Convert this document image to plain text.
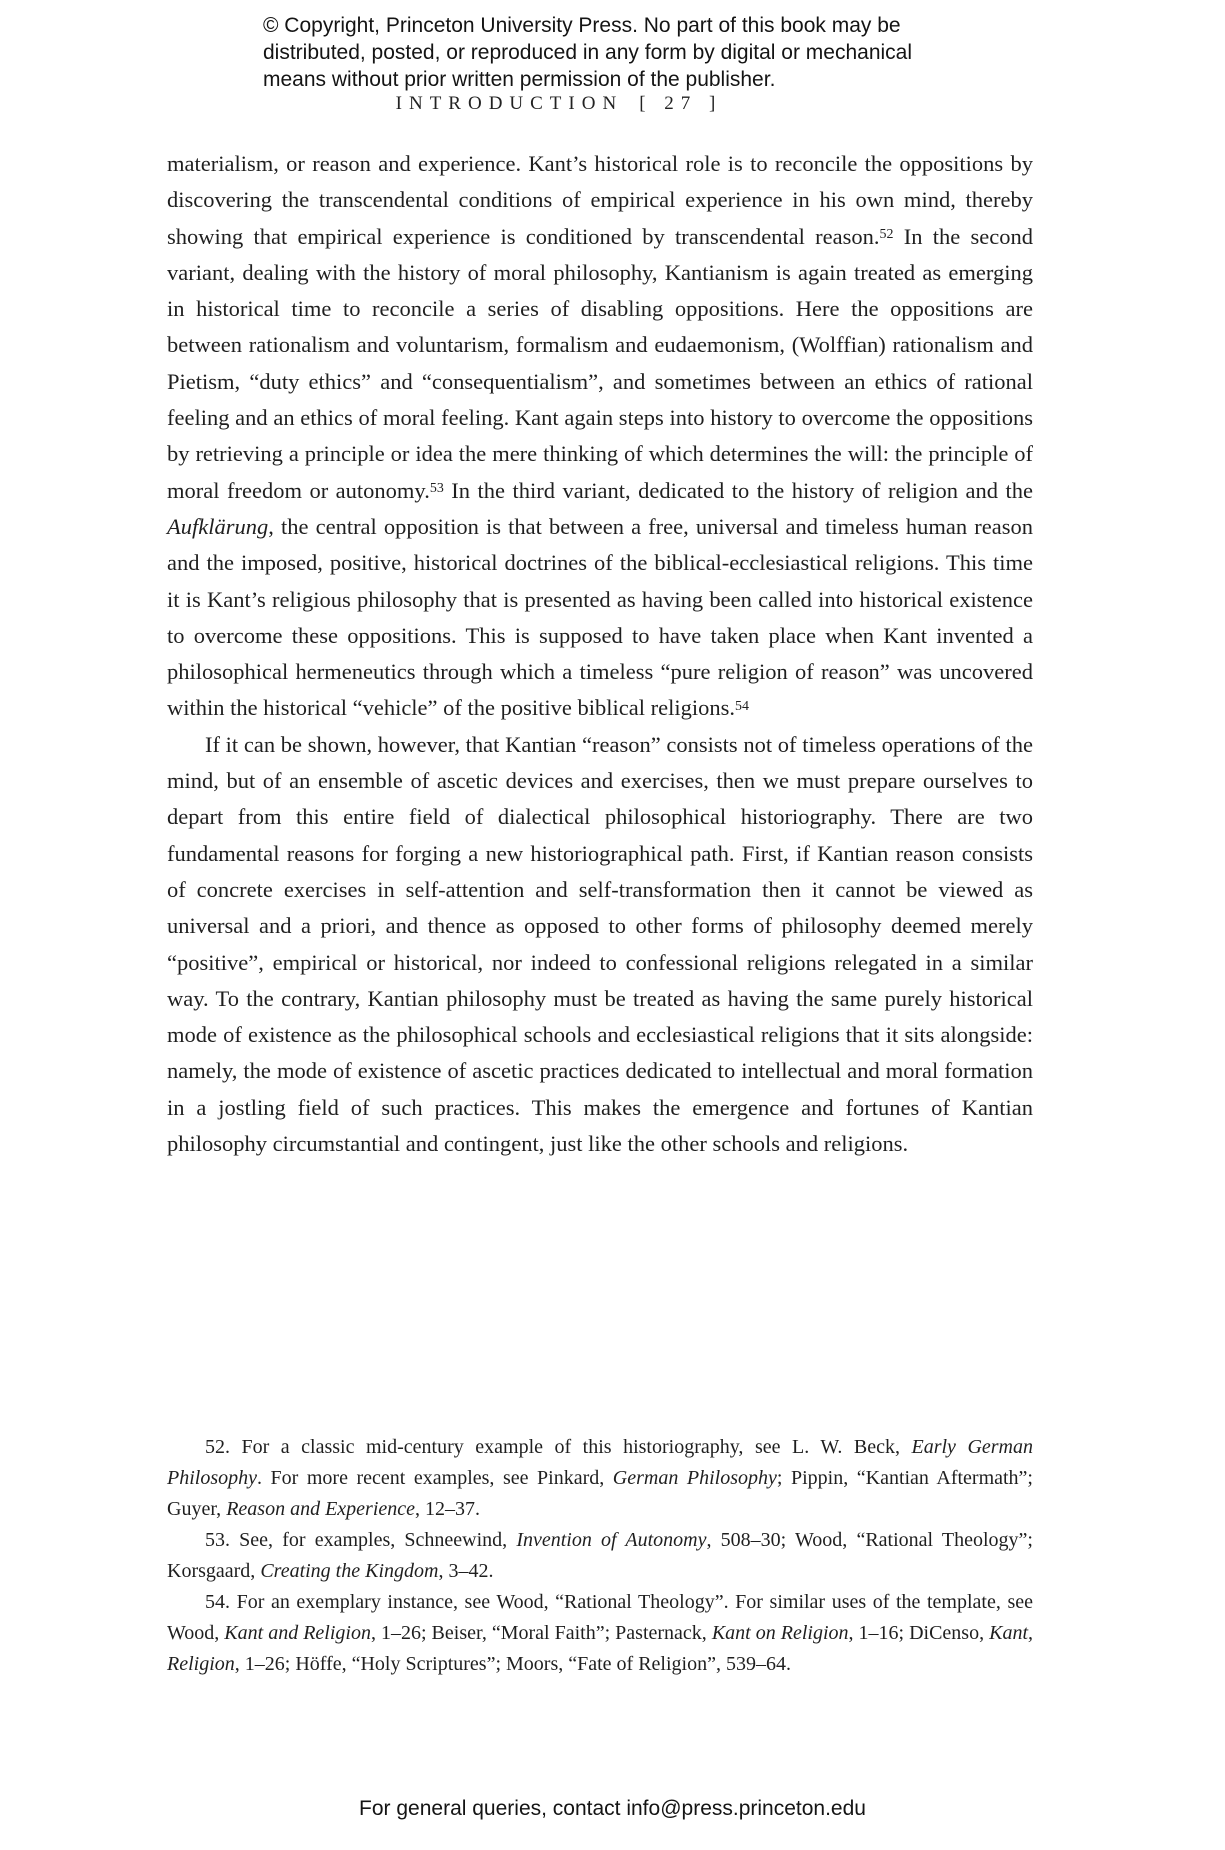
© Copyright, Princeton University Press. No part of this book may be
distributed, posted, or reproduced in any form by digital or mechanical
means without prior written permission of the publisher.
INTRODUCTION [ 27 ]

materialism, or reason and experience. Kant’s historical role is to reconcile the oppositions by discovering the transcendental conditions of empirical experience in his own mind, thereby showing that empirical experience is conditioned by transcendental reason.$^{52}$ In the second variant, dealing with the history of moral philosophy, Kantianism is again treated as emerging in historical time to reconcile a series of disabling oppositions. Here the oppositions are between rationalism and voluntarism, formalism and eudaemonism, (Wolffian) rationalism and Pietism, “duty ethics” and “consequentialism”, and sometimes between an ethics of rational feeling and an ethics of moral feeling. Kant again steps into history to overcome the oppositions by retrieving a principle or idea the mere thinking of which determines the will: the principle of moral freedom or autonomy.$^{53}$ In the third variant, dedicated to the history of religion and the Aufklärung, the central opposition is that between a free, universal and timeless human reason and the imposed, positive, historical doctrines of the biblical-ecclesiastical religions. This time it is Kant’s religious philosophy that is presented as having been called into historical existence to overcome these oppositions. This is supposed to have taken place when Kant invented a philosophical hermeneutics through which a timeless “pure religion of reason” was uncovered within the historical “vehicle” of the positive biblical religions.$^{54}$

If it can be shown, however, that Kantian “reason” consists not of timeless operations of the mind, but of an ensemble of ascetic devices and exercises, then we must prepare ourselves to depart from this entire field of dialectical philosophical historiography. There are two fundamental reasons for forging a new historiographical path. First, if Kantian reason consists of concrete exercises in self-attention and self-transformation then it cannot be viewed as universal and a priori, and thence as opposed to other forms of philosophy deemed merely “positive”, empirical or historical, nor indeed to confessional religions relegated in a similar way. To the contrary, Kantian philosophy must be treated as having the same purely historical mode of existence as the philosophical schools and ecclesiastical religions that it sits alongside: namely, the mode of existence of ascetic practices dedicated to intellectual and moral formation in a jostling field of such practices. This makes the emergence and fortunes of Kantian philosophy circumstantial and contingent, just like the other schools and religions.

52. For a classic mid-century example of this historiography, see L. W. Beck, Early German Philosophy. For more recent examples, see Pinkard, German Philosophy; Pippin, “Kantian Aftermath”; Guyer, Reason and Experience, 12–37.

53. See, for examples, Schneewind, Invention of Autonomy, 508–30; Wood, “Rational Theology”; Korsgaard, Creating the Kingdom, 3–42.

54. For an exemplary instance, see Wood, “Rational Theology”. For similar uses of the template, see Wood, Kant and Religion, 1–26; Beiser, “Moral Faith”; Pasternack, Kant on Religion, 1–16; DiCenso, Kant, Religion, 1–26; Höffe, “Holy Scriptures”; Moors, “Fate of Religion”, 539–64.

For general queries, contact info@press.princeton.edu
